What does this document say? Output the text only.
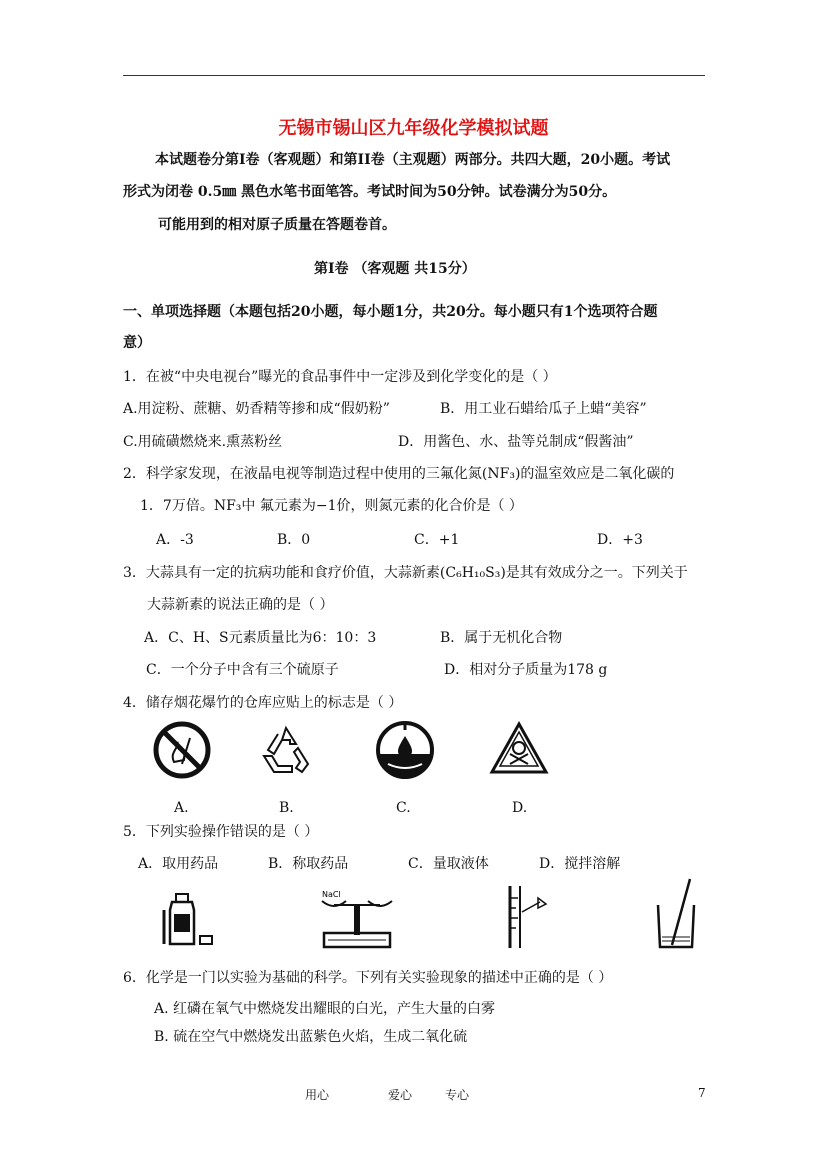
无锡市锡山区九年级化学模拟试题
本试题卷分第Ⅰ卷（客观题）和第II卷（主观题）两部分。共四大题，20小题。考试
形式为闭卷 0.5㎜ 黑色水笔书面笔答。考试时间为50分钟。试卷满分为50分。
可能用到的相对原子质量在答题卷首。
第Ⅰ卷 （客观题 共15分）
一、单项选择题（本题包括20小题，每小题1分，共20分。每小题只有1个选项符合题
意）
1．在被“中央电视台”曝光的食品事件中一定涉及到化学变化的是（ ）
A.用淀粉、蔗糖、奶香精等掺和成“假奶粉”	B．用工业石蜡给瓜子上蜡“美容”
C.用硫磺燃烧来.熏蒸粉丝	D．用酱色、水、盐等兑制成“假酱油”
2．科学家发现，在液晶电视等制造过程中使用的三氟化氮(NF₃)的温室效应是二氧化碳的
1．7万倍。NF₃中 氟元素为−1价，则氮元素的化合价是（ ）
A．-3	B．0	C．+1	D．+3
3．大蒜具有一定的抗病功能和食疗价值，大蒜新素(C₆H₁₀S₃)是其有效成分之一。下列关于
大蒜新素的说法正确的是（ ）
A．C、H、S元素质量比为6：10：3	B．属于无机化合物
C．一个分子中含有三个硫原子	D．相对分子质量为178 g
4．储存烟花爆竹的仓库应贴上的标志是（ ）
A.	B.	C.	D.
5．下列实验操作错误的是（ ）
A．取用药品	B．称取药品	C．量取液体	D．搅拌溶解
NaCl
6．化学是一门以实验为基础的科学。下列有关实验现象的描述中正确的是（ ）
A. 红磷在氧气中燃烧发出耀眼的白光，产生大量的白雾
B. 硫在空气中燃烧发出蓝紫色火焰，生成二氧化硫
用心	爱心	专心	7
